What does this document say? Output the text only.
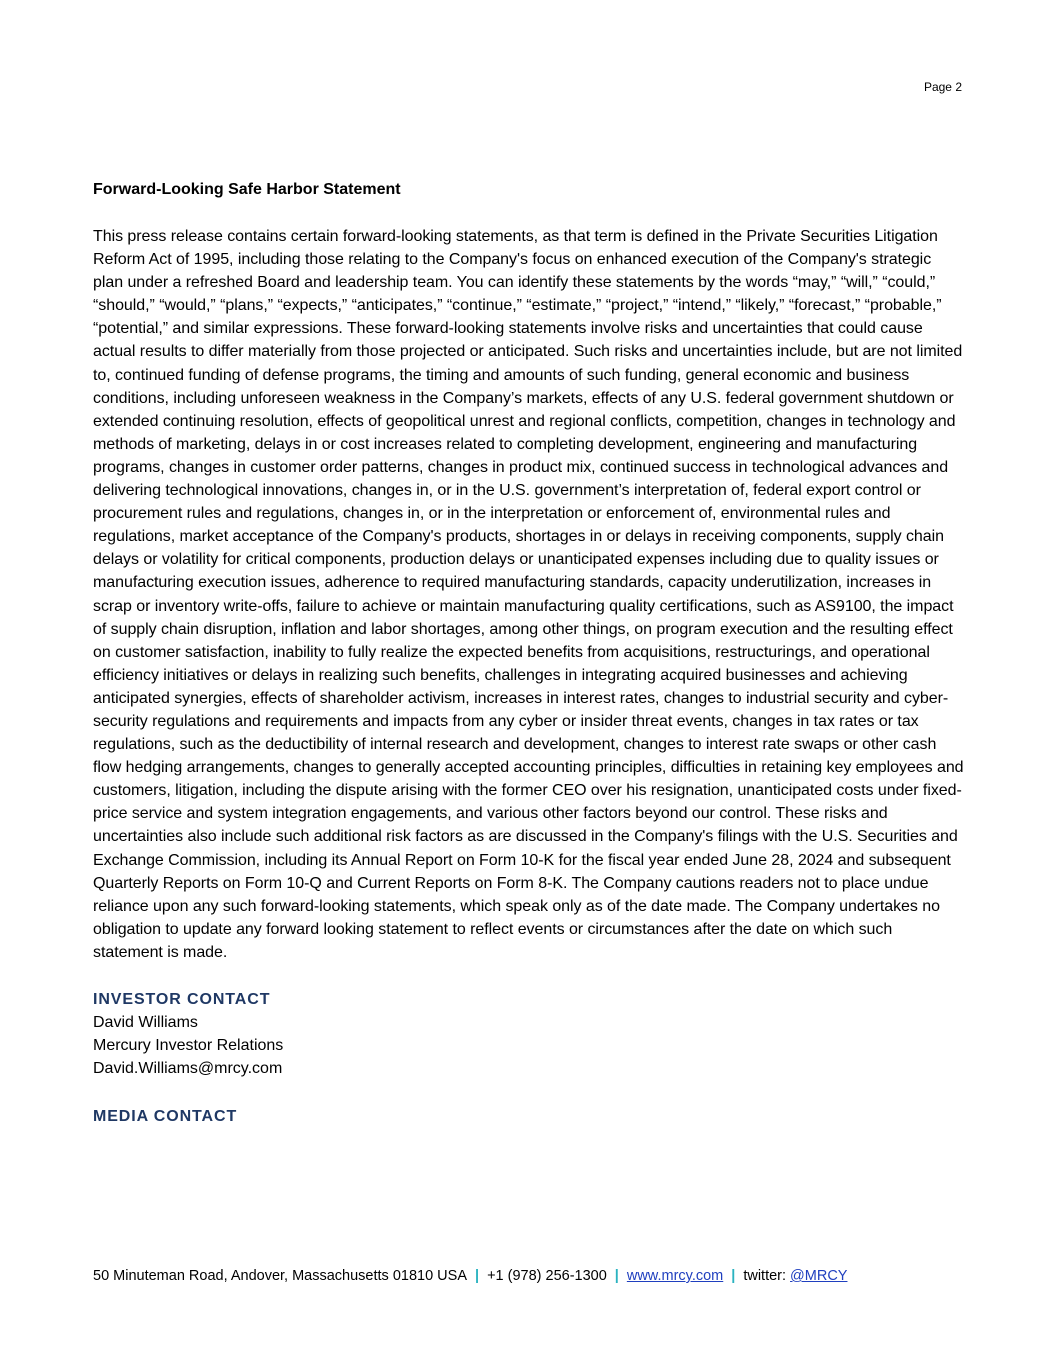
Page 2
Forward-Looking Safe Harbor Statement

This press release contains certain forward-looking statements, as that term is defined in the Private Securities Litigation Reform Act of 1995, including those relating to the Company's focus on enhanced execution of the Company's strategic plan under a refreshed Board and leadership team. You can identify these statements by the words “may,” “will,” “could,” “should,” “would,” “plans,” “expects,” “anticipates,” “continue,” “estimate,” “project,” “intend,” “likely,” “forecast,” “probable,” “potential,” and similar expressions. These forward-looking statements involve risks and uncertainties that could cause actual results to differ materially from those projected or anticipated. Such risks and uncertainties include, but are not limited to, continued funding of defense programs, the timing and amounts of such funding, general economic and business conditions, including unforeseen weakness in the Company’s markets, effects of any U.S. federal government shutdown or extended continuing resolution, effects of geopolitical unrest and regional conflicts, competition, changes in technology and methods of marketing, delays in or cost increases related to completing development, engineering and manufacturing programs, changes in customer order patterns, changes in product mix, continued success in technological advances and delivering technological innovations, changes in, or in the U.S. government’s interpretation of, federal export control or procurement rules and regulations, changes in, or in the interpretation or enforcement of, environmental rules and regulations, market acceptance of the Company's products, shortages in or delays in receiving components, supply chain delays or volatility for critical components, production delays or unanticipated expenses including due to quality issues or manufacturing execution issues, adherence to required manufacturing standards, capacity underutilization, increases in scrap or inventory write-offs, failure to achieve or maintain manufacturing quality certifications, such as AS9100, the impact of supply chain disruption, inflation and labor shortages, among other things, on program execution and the resulting effect on customer satisfaction, inability to fully realize the expected benefits from acquisitions, restructurings, and operational efficiency initiatives or delays in realizing such benefits, challenges in integrating acquired businesses and achieving anticipated synergies, effects of shareholder activism, increases in interest rates, changes to industrial security and cyber-security regulations and requirements and impacts from any cyber or insider threat events, changes in tax rates or tax regulations, such as the deductibility of internal research and development, changes to interest rate swaps or other cash flow hedging arrangements, changes to generally accepted accounting principles, difficulties in retaining key employees and customers, litigation, including the dispute arising with the former CEO over his resignation, unanticipated costs under fixed-price service and system integration engagements, and various other factors beyond our control. These risks and uncertainties also include such additional risk factors as are discussed in the Company's filings with the U.S. Securities and Exchange Commission, including its Annual Report on Form 10-K for the fiscal year ended June 28, 2024 and subsequent Quarterly Reports on Form 10-Q and Current Reports on Form 8-K. The Company cautions readers not to place undue reliance upon any such forward-looking statements, which speak only as of the date made. The Company undertakes no obligation to update any forward looking statement to reflect events or circumstances after the date on which such statement is made.

INVESTOR CONTACT

David Williams

Mercury Investor Relations

David.Williams@mrcy.com

MEDIA CONTACT
50 Minuteman Road, Andover, Massachusetts 01810 USA | +1 (978) 256-1300 | www.mrcy.com | twitter: @MRCY
